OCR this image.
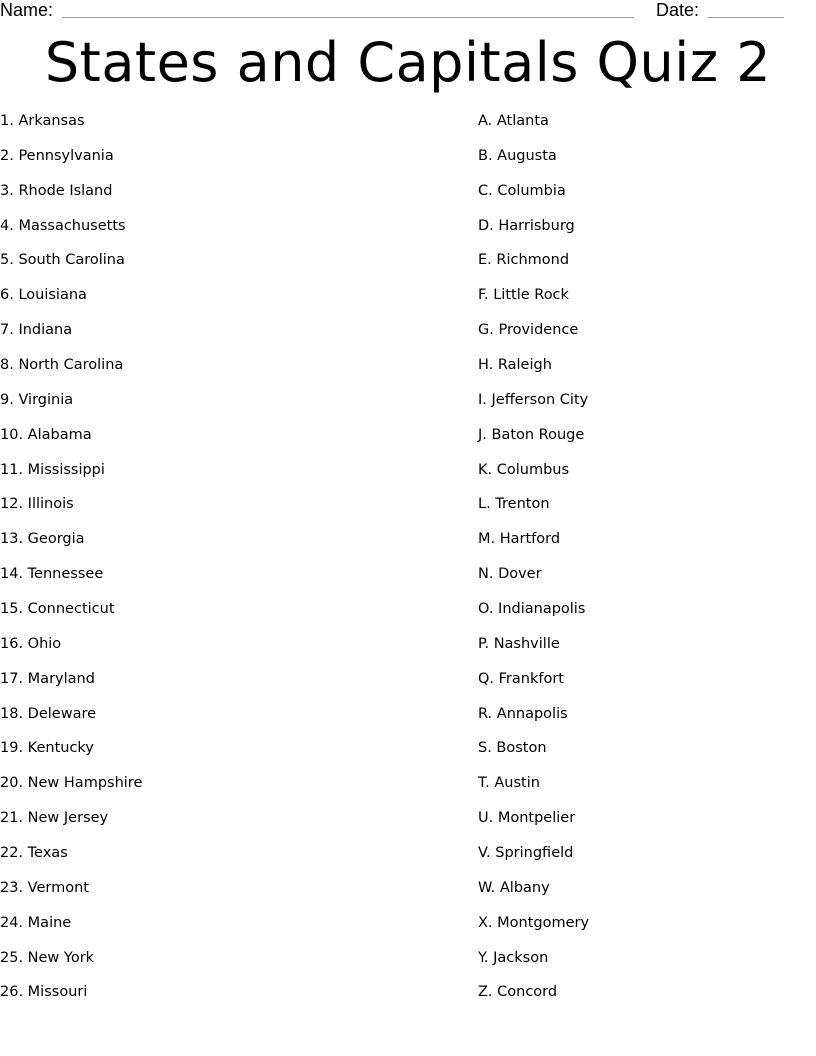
Name:	Date:
States and Capitals Quiz 2
1. Arkansas
2. Pennsylvania
3. Rhode Island
4. Massachusetts
5. South Carolina
6. Louisiana
7. Indiana
8. North Carolina
9. Virginia
10. Alabama
11. Mississippi
12. Illinois
13. Georgia
14. Tennessee
15. Connecticut
16. Ohio
17. Maryland
18. Deleware
19. Kentucky
20. New Hampshire
21. New Jersey
22. Texas
23. Vermont
24. Maine
25. New York
26. Missouri
A. Atlanta
B. Augusta
C. Columbia
D. Harrisburg
E. Richmond
F. Little Rock
G. Providence
H. Raleigh
I. Jefferson City
J. Baton Rouge
K. Columbus
L. Trenton
M. Hartford
N. Dover
O. Indianapolis
P. Nashville
Q. Frankfort
R. Annapolis
S. Boston
T. Austin
U. Montpelier
V. Springfield
W. Albany
X. Montgomery
Y. Jackson
Z. Concord
